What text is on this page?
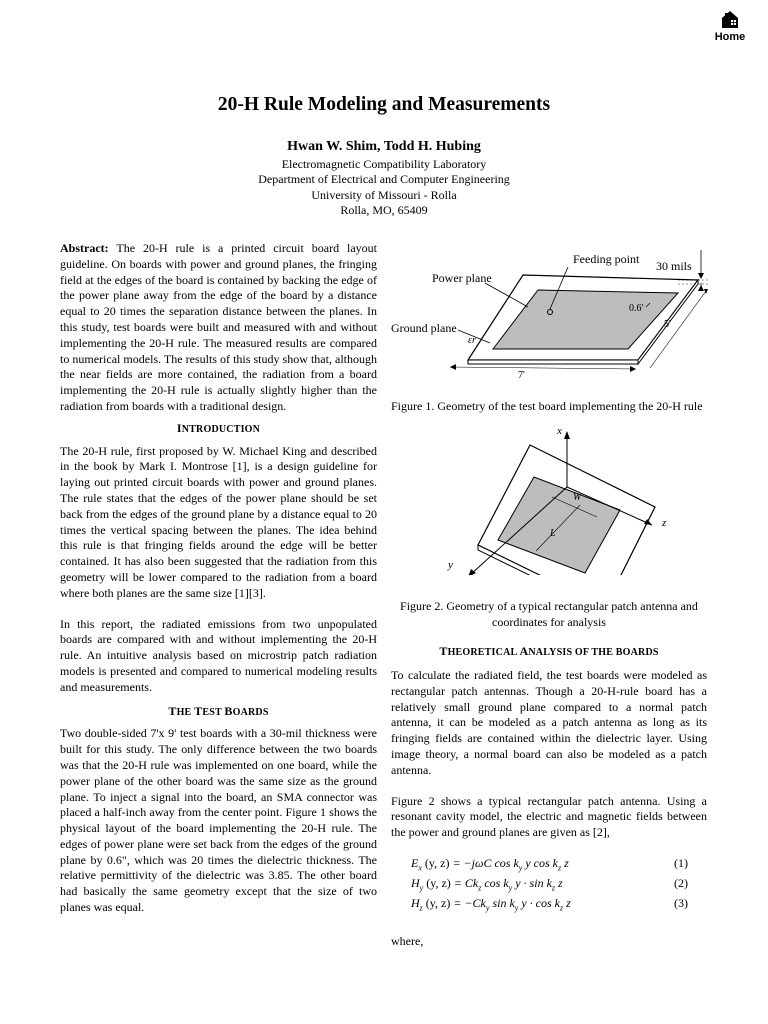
Home
20-H Rule Modeling and Measurements
Hwan W. Shim, Todd H. Hubing
Electromagnetic Compatibility Laboratory
Department of Electrical and Computer Engineering
University of Missouri - Rolla
Rolla, MO, 65409

Abstract: The 20-H rule is a printed circuit board layout guideline. On boards with power and ground planes, the fringing field at the edges of the board is contained by backing the edge of the power plane away from the edge of the board by a distance equal to 20 times the separation distance between the planes. In this study, test boards were built and measured with and without implementing the 20-H rule. The measured results are compared to numerical models. The results of this study show that, although the near fields are more contained, the radiation from a board implementing the 20-H rule is actually slightly higher than the radiation from boards with a traditional design.

INTRODUCTION

The 20-H rule, first proposed by W. Michael King and described in the book by Mark I. Montrose [1], is a design guideline for laying out printed circuit boards with power and ground planes. The rule states that the edges of the power plane should be set back from the edges of the ground plane by a distance equal to 20 times the vertical spacing between the planes. The idea behind this rule is that fringing fields around the edge will be better contained. It has also been suggested that the radiation from this geometry will be lower compared to the radiation from a board where both planes are the same size [1][3].

In this report, the radiated emissions from two unpopulated boards are compared with and without implementing the 20-H rule. An intuitive analysis based on microstrip patch radiation models is presented and compared to numerical modeling results and measurements.

THE TEST BOARDS

Two double-sided 7'x 9' test boards with a 30-mil thickness were built for this study. The only difference between the two boards was that the 20-H rule was implemented on one board, while the power plane of the other board was the same size as the ground plane. To inject a signal into the board, an SMA connector was placed a half-inch away from the center point. Figure 1 shows the physical layout of the board implementing the 20-H rule. The edges of power plane were set back from the edges of the ground plane by 0.6", which was 20 times the dielectric thickness. The relative permittivity of the dielectric was 3.85. The other board had basically the same geometry except that the size of two planes was equal.

Feeding point 30 mils
Power plane
Ground plane
0.6'
5'
7'
εr
Figure 1. Geometry of the test board implementing the 20-H rule
x
z
y
W
L
Figure 2. Geometry of a typical rectangular patch antenna and coordinates for analysis
THEORETICAL ANALYSIS OF THE BOARDS

To calculate the radiated field, the test boards were modeled as rectangular patch antennas. Though a 20-H-rule board has a relatively small ground plane compared to a normal patch antenna, it can be modeled as a patch antenna as long as its fringing fields are contained within the dielectric layer. Using image theory, a normal board can also be modeled as a patch antenna.

Figure 2 shows a typical rectangular patch antenna. Using a resonant cavity model, the electric and magnetic fields between the power and ground planes are given as [2],

$E_x$ (y, z) = −jωC $\cos k_y$ y $\cos k_z$ z	(1)
$H_y$ (y, $z) = Ck_z$ $\cos k_y$ $y \cdot \sin k_z$ z	(2)
$H_z$ (y, $z) = -Ck_y$ $\sin k_y$ $y \cdot \cos k_z$ z	(3)
where,
